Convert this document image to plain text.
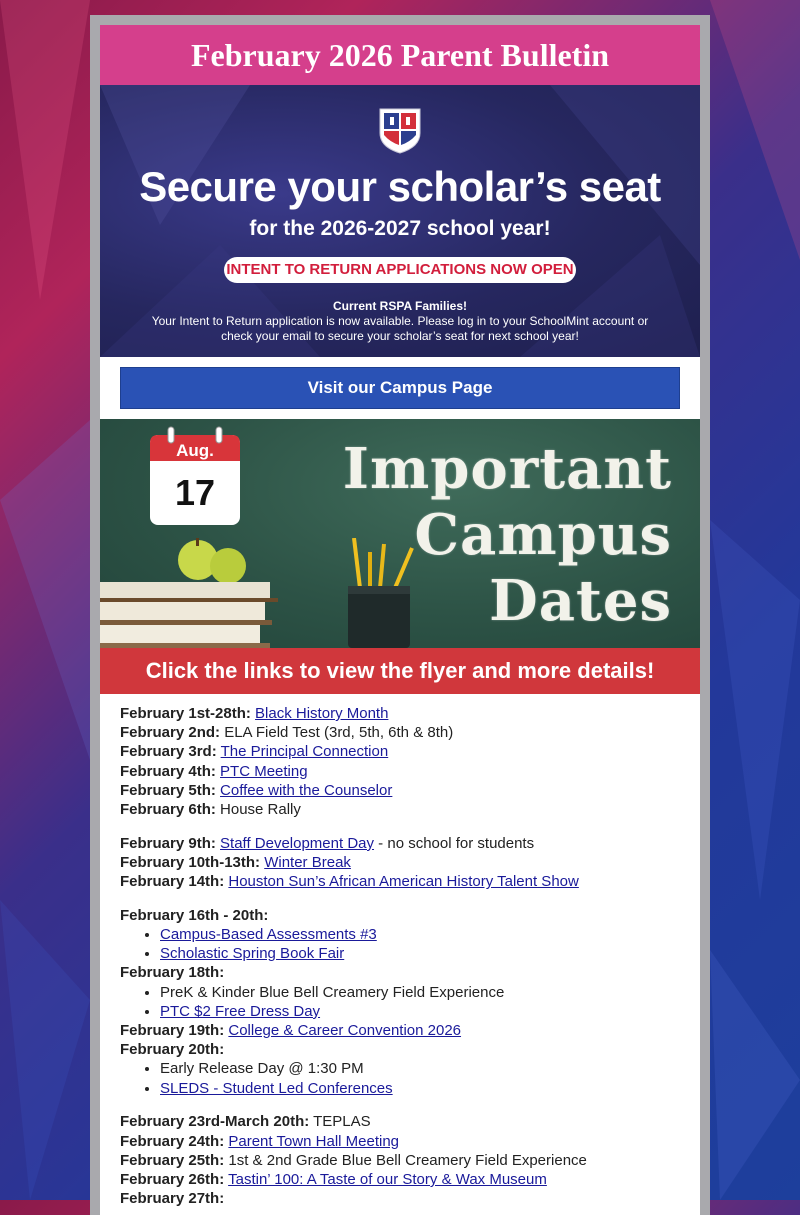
February 2026 Parent Bulletin
Secure your scholar’s seat
for the 2026-2027 school year!
INTENT TO RETURN APPLICATIONS NOW OPEN
Current RSPA Families!
Your Intent to Return application is now available. Please log in to your SchoolMint account or
check your email to secure your scholar’s seat for next school year!
Visit our Campus Page
Aug.
17 Important
Campus
Dates
Click the links to view the flyer and more details!
February 1st-28th: Black History Month
February 2nd: ELA Field Test (3rd, 5th, 6th & 8th)
February 3rd: The Principal Connection
February 4th: PTC Meeting
February 5th: Coffee with the Counselor
February 6th: House Rally
February 9th: Staff Development Day - no school for students
February 10th-13th: Winter Break
February 14th: Houston Sun’s African American History Talent Show
February 16th - 20th:
• Campus-Based Assessments #3
• Scholastic Spring Book Fair
February 18th:
• PreK & Kinder Blue Bell Creamery Field Experience
• PTC $2 Free Dress Day
February 19th: College & Career Convention 2026
February 20th:
• Early Release Day @ 1:30 PM
• SLEDS - Student Led Conferences
February 23rd-March 20th: TEPLAS
February 24th: Parent Town Hall Meeting
February 25th: 1st & 2nd Grade Blue Bell Creamery Field Experience
February 26th: Tastin’ 100: A Taste of our Story & Wax Museum
February 27th:
